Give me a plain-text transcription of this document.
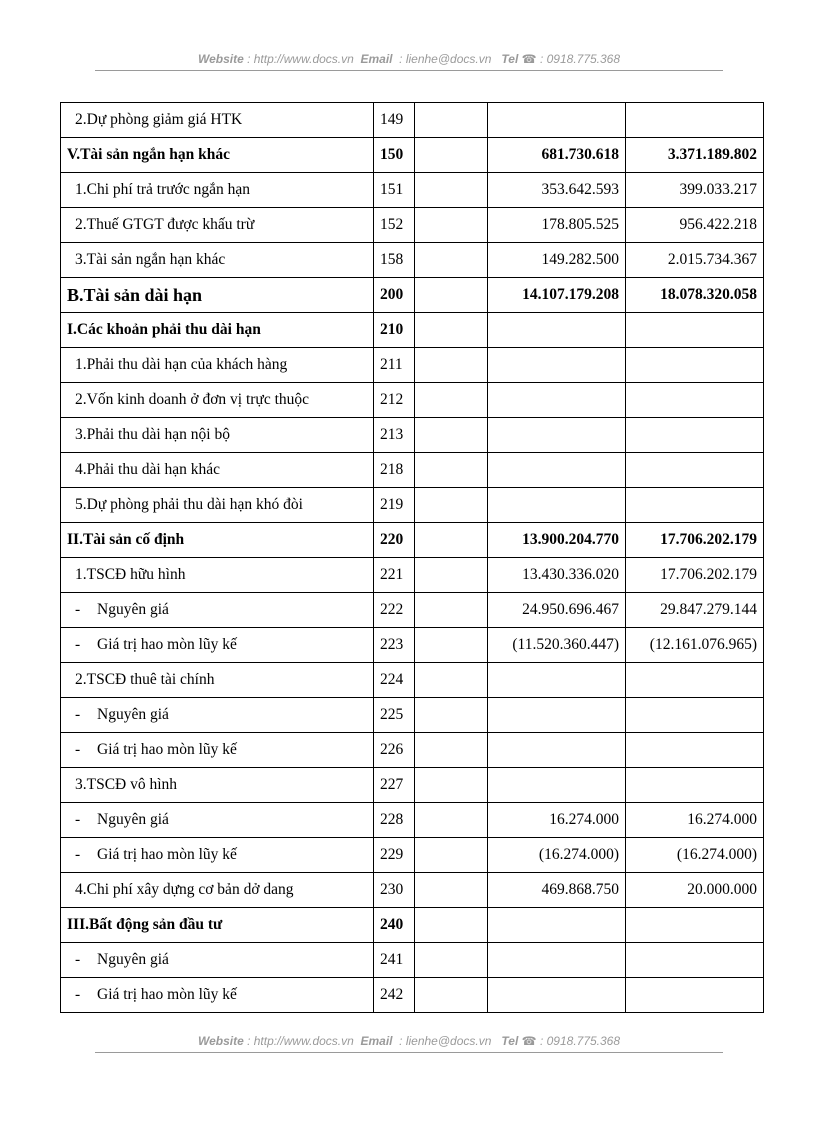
Website : http://www.docs.vn Email  : lienhe@docs.vn Tel ☎ : 0918.775.368
2.Dự phòng giảm giá HTK	149			
V.Tài sản ngắn hạn khác	150		681.730.618	3.371.189.802
1.Chi phí trả trước ngắn hạn	151		353.642.593	399.033.217
2.Thuế GTGT được khấu trừ	152		178.805.525	956.422.218
3.Tài sản ngắn hạn khác	158		149.282.500	2.015.734.367
B.Tài sản dài hạn	200		14.107.179.208	18.078.320.058
I.Các khoản phải thu dài hạn	210			
1.Phải thu dài hạn của khách hàng	211			
2.Vốn kinh doanh ở đơn vị trực thuộc	212			
3.Phải thu dài hạn nội bộ	213			
4.Phải thu dài hạn khác	218			
5.Dự phòng phải thu dài hạn khó đòi	219			
II.Tài sản cố định	220		13.900.204.770	17.706.202.179
1.TSCĐ hữu hình	221		13.430.336.020	17.706.202.179
- Nguyên giá	222		24.950.696.467	29.847.279.144
- Giá trị hao mòn lũy kế	223		(11.520.360.447)	(12.161.076.965)
2.TSCĐ thuê tài chính	224			
- Nguyên giá	225			
- Giá trị hao mòn lũy kế	226			
3.TSCĐ vô hình	227			
- Nguyên giá	228		16.274.000	16.274.000
- Giá trị hao mòn lũy kế	229		(16.274.000)	(16.274.000)
4.Chi phí xây dựng cơ bản dở dang	230		469.868.750	20.000.000
III.Bất động sản đầu tư	240			
- Nguyên giá	241			
- Giá trị hao mòn lũy kế	242			
Website : http://www.docs.vn Email  : lienhe@docs.vn Tel ☎ : 0918.775.368
